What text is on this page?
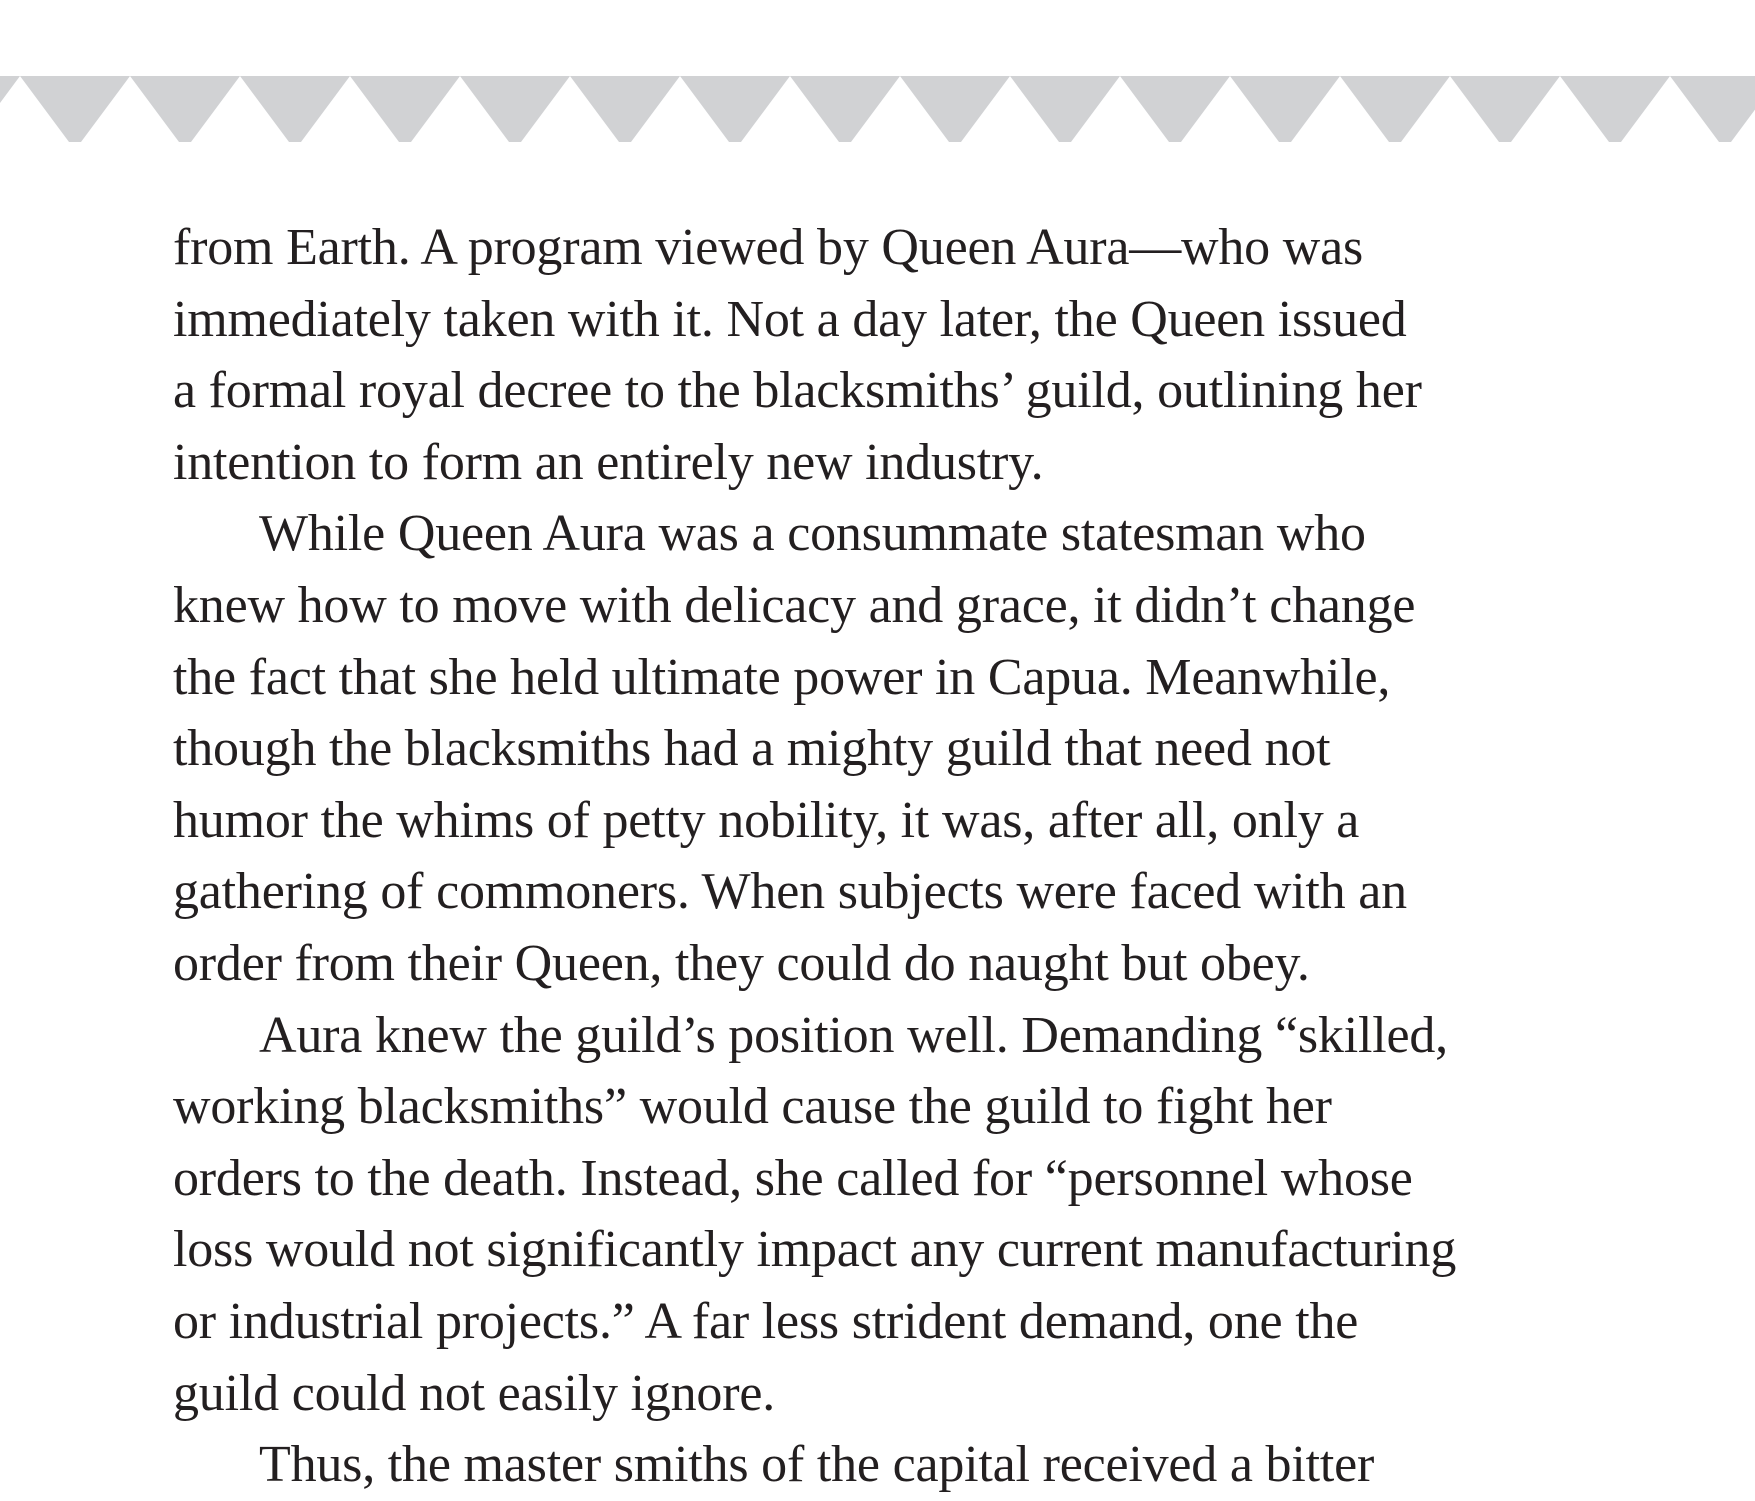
from Earth. A program viewed by Queen Aura—who was
immediately taken with it. Not a day later, the Queen issued
a formal royal decree to the blacksmiths’ guild, outlining her
intention to form an entirely new industry.
While Queen Aura was a consummate statesman who
knew how to move with delicacy and grace, it didn’t change
the fact that she held ultimate power in Capua. Meanwhile,
though the blacksmiths had a mighty guild that need not
humor the whims of petty nobility, it was, after all, only a
gathering of commoners. When subjects were faced with an
order from their Queen, they could do naught but obey.
Aura knew the guild’s position well. Demanding “skilled,
working blacksmiths” would cause the guild to fight her
orders to the death. Instead, she called for “personnel whose
loss would not significantly impact any current manufacturing
or industrial projects.” A far less strident demand, one the
guild could not easily ignore.
Thus, the master smiths of the capital received a bitter
